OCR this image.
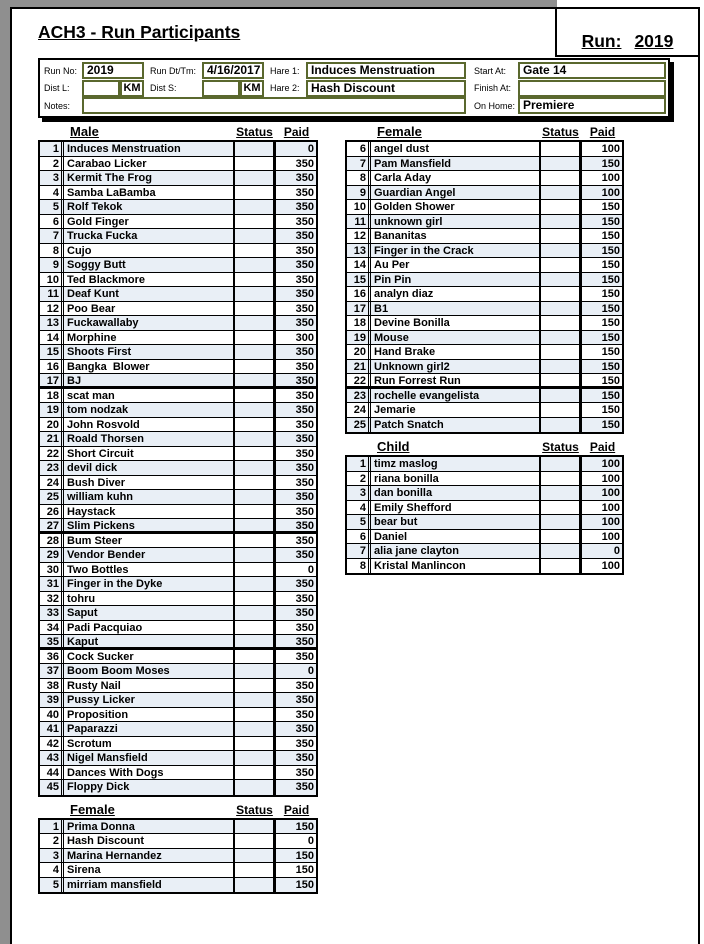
ACH3 - Run Participants	Run: 2019
Run No: 2019	Run Dt/Tm: 4/16/2017	Hare 1: Induces Menstruation	Start At:	Gate 14
Dist L:	KM	Dist S:	KM	Hare 2: Hash Discount	Finish At:
Notes:	On Home: Premiere
Male	Status Paid
1 Induces Menstruation	0
2 Carabao Licker	350
3 Kermit The Frog	350
4 Samba LaBamba	350
5 Rolf Tekok	350
6 Gold Finger	350
7 Trucka Fucka	350
8 Cujo	350
9 Soggy Butt	350
10 Ted Blackmore	350
11 Deaf Kunt	350
12 Poo Bear	350
13 Fuckawallaby	350
14 Morphine	300
15 Shoots First	350
16 Bangka  Blower	350
17 BJ	350
18 scat man	350
19 tom nodzak	350
20 John Rosvold	350
21 Roald Thorsen	350
22 Short Circuit	350
23 devil dick	350
24 Bush Diver	350
25 william kuhn	350
26 Haystack	350
27 Slim Pickens	350
28 Bum Steer	350
29 Vendor Bender	350
30 Two Bottles	0
31 Finger in the Dyke	350
32 tohru	350
33 Saput	350
34 Padi Pacquiao	350
35 Kaput	350
36 Cock Sucker	350
37 Boom Boom Moses	0
38 Rusty Nail	350
39 Pussy Licker	350
40 Proposition	350
41 Paparazzi	350
42 Scrotum	350
43 Nigel Mansfield	350
44 Dances With Dogs	350
45 Floppy Dick	350
Female	Status Paid
1 Prima Donna	150
2 Hash Discount	0
3 Marina Hernandez	150
4 Sirena	150
5 mirriam mansfield	150
Female	Status Paid
6 angel dust	100
7 Pam Mansfield	150
8 Carla Aday	100
9 Guardian Angel	100
10 Golden Shower	150
11 unknown girl	150
12 Bananitas	150
13 Finger in the Crack	150
14 Au Per	150
15 Pin Pin	150
16 analyn diaz	150
17 B1	150
18 Devine Bonilla	150
19 Mouse	150
20 Hand Brake	150
21 Unknown girl2	150
22 Run Forrest Run	150
23 rochelle evangelista	150
24 Jemarie	150
25 Patch Snatch	150
Child	Status Paid
1 timz maslog	100
2 riana bonilla	100
3 dan bonilla	100
4 Emily Shefford	100
5 bear but	100
6 Daniel	100
7 alia jane clayton	0
8 Kristal Manlincon	100
